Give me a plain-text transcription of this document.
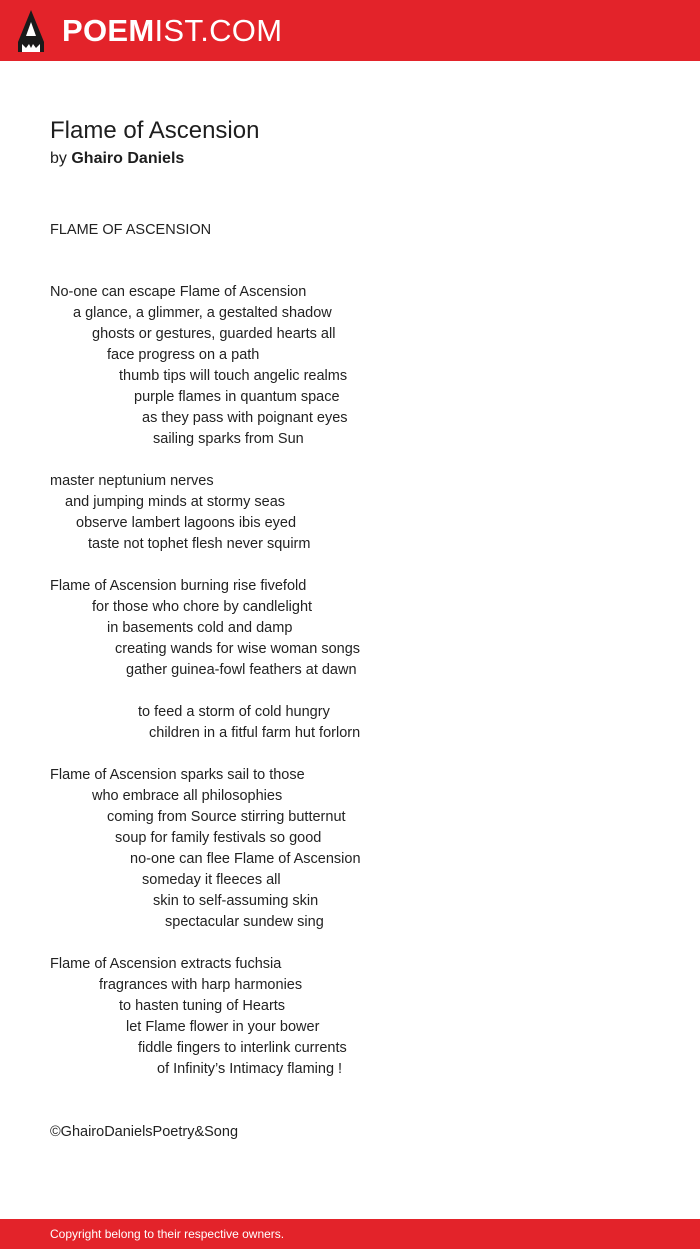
POEMIST.COM
Flame of Ascension
by Ghairo Daniels
FLAME OF ASCENSION
No-one can escape Flame of Ascension
a glance, a glimmer, a gestalted shadow
ghosts or gestures, guarded hearts all
face progress on a path
thumb tips will touch angelic realms
purple flames in quantum space
as they pass with poignant eyes
sailing sparks from Sun
master neptunium nerves
and jumping minds at stormy seas
observe lambert lagoons ibis eyed
taste not tophet flesh never squirm
Flame of Ascension burning rise fivefold
for those who chore by candlelight
in basements cold and damp
creating wands for wise woman songs
gather guinea-fowl feathers at dawn
to feed a storm of cold hungry
children in a fitful farm hut forlorn
Flame of Ascension sparks sail to those
who embrace all philosophies
coming from Source stirring butternut
soup for family festivals so good
no-one can flee Flame of Ascension
someday it fleeces all
skin to self-assuming skin
spectacular sundew sing
Flame of Ascension extracts fuchsia
fragrances with harp harmonies
to hasten tuning of Hearts
let Flame flower in your bower
fiddle fingers to interlink currents
of Infinity’s Intimacy flaming !
©GhairoDanielsPoetry&Song
Copyright belong to their respective owners.
